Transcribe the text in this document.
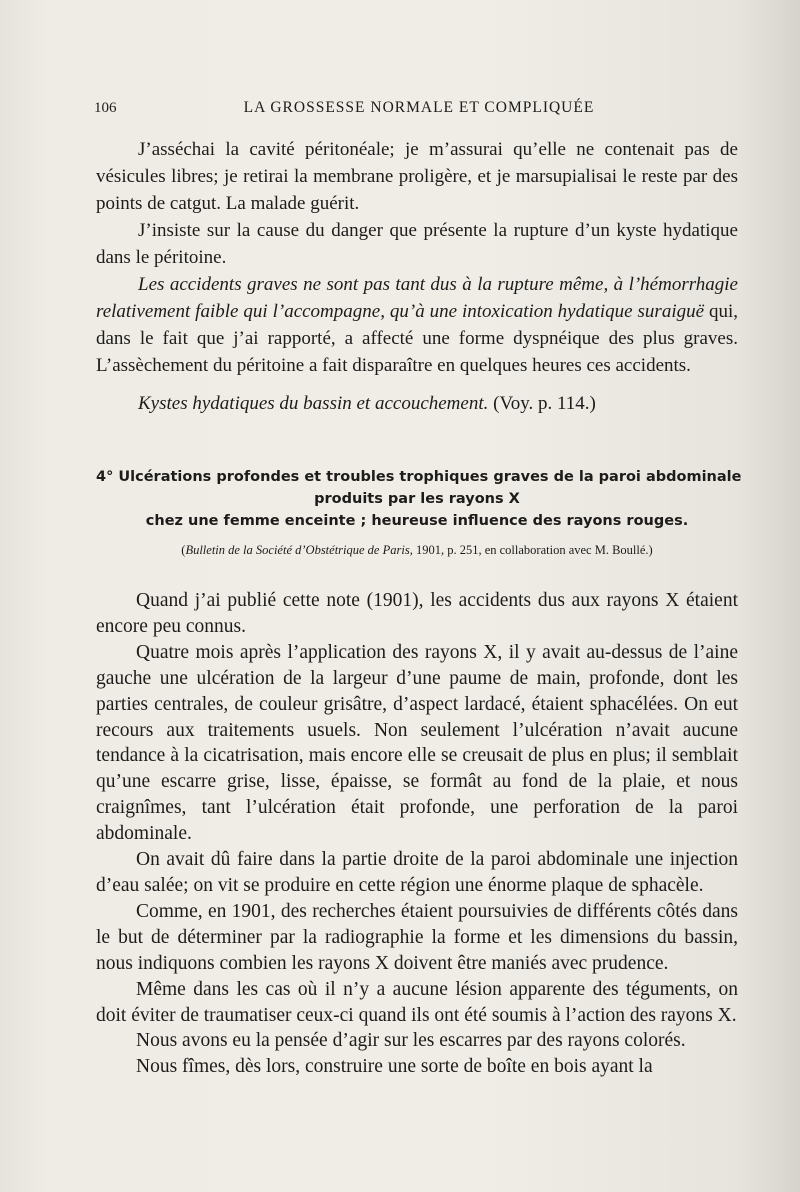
106	LA GROSSESSE NORMALE ET COMPLIQUÉE

J’asséchai la cavité péritonéale; je m’assurai qu’elle ne contenait pas de vésicules libres; je retirai la membrane proligère, et je marsupialisai le reste par des points de catgut. La malade guérit.

J’insiste sur la cause du danger que présente la rupture d’un kyste hydatique dans le péritoine.

Les accidents graves ne sont pas tant dus à la rupture même, à l’hémorrhagie relativement faible qui l’accompagne, qu’à une intoxication hydatique suraiguë qui, dans le fait que j’ai rapporté, a affecté une forme dyspnéique des plus graves. L’assèchement du péritoine a fait disparaître en quelques heures ces accidents.

Kystes hydatiques du bassin et accouchement. (Voy. p. 114.)

4° Ulcérations profondes et troubles trophiques graves de la paroi abdominale
produits par les rayons X
chez une femme enceinte ; heureuse influence des rayons rouges.
(Bulletin de la Société d’Obstétrique de Paris, 1901, p. 251, en collaboration avec M. Boullé.)

Quand j’ai publié cette note (1901), les accidents dus aux rayons X étaient encore peu connus.

Quatre mois après l’application des rayons X, il y avait au-dessus de l’aine gauche une ulcération de la largeur d’une paume de main, profonde, dont les parties centrales, de couleur grisâtre, d’aspect lardacé, étaient sphacélées. On eut recours aux traitements usuels. Non seulement l’ulcération n’avait aucune tendance à la cicatrisation, mais encore elle se creusait de plus en plus; il semblait qu’une escarre grise, lisse, épaisse, se formât au fond de la plaie, et nous craignîmes, tant l’ulcération était profonde, une perforation de la paroi abdominale.

On avait dû faire dans la partie droite de la paroi abdominale une injection d’eau salée; on vit se produire en cette région une énorme plaque de sphacèle.

Comme, en 1901, des recherches étaient poursuivies de différents côtés dans le but de déterminer par la radiographie la forme et les dimensions du bassin, nous indiquons combien les rayons X doivent être maniés avec prudence.

Même dans les cas où il n’y a aucune lésion apparente des téguments, on doit éviter de traumatiser ceux-ci quand ils ont été soumis à l’action des rayons X.

Nous avons eu la pensée d’agir sur les escarres par des rayons colorés.

Nous fîmes, dès lors, construire une sorte de boîte en bois ayant la
